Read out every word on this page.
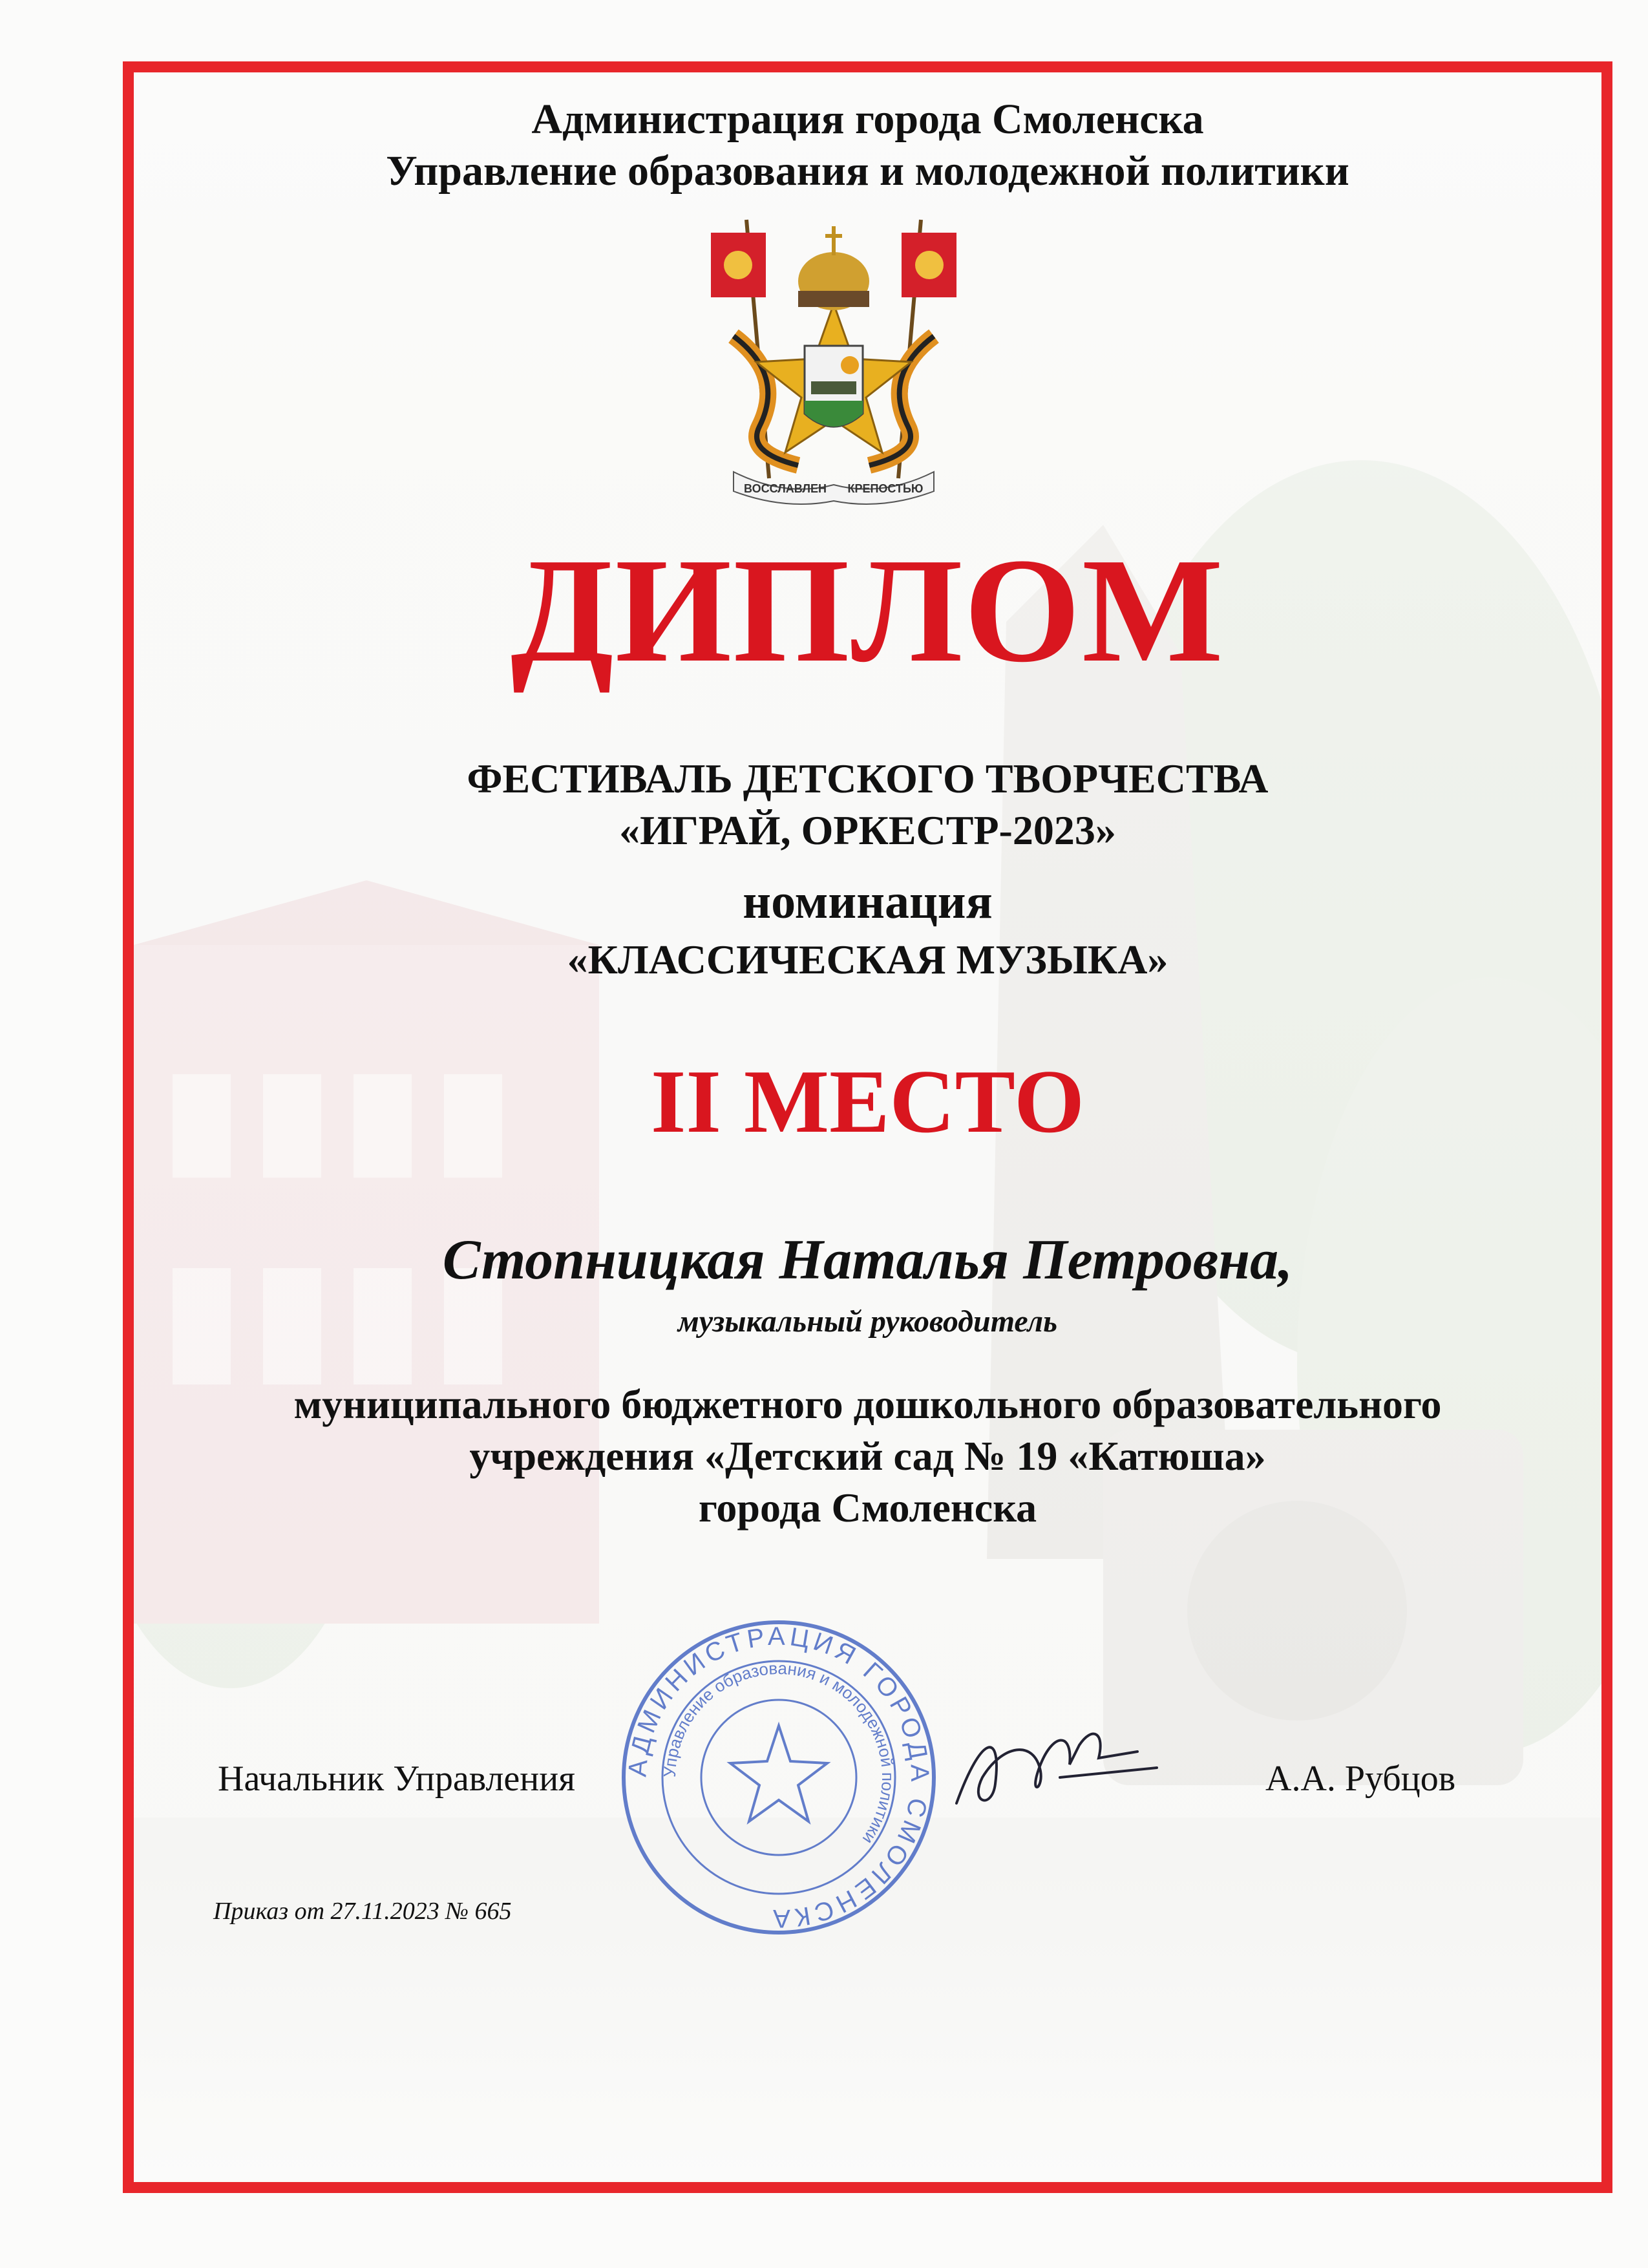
Администрация города Смоленска
Управление образования и молодежной политики
ВОССЛАВЛЕН КРЕПОСТЬЮ
ДИПЛОМ
ФЕСТИВАЛЬ ДЕТСКОГО ТВОРЧЕСТВА
«ИГРАЙ, ОРКЕСТР-2023»
номинация
«КЛАССИЧЕСКАЯ МУЗЫКА»
II МЕСТО
Стопницкая Наталья Петровна,
музыкальный руководитель
муниципального бюджетного дошкольного образовательного
учреждения «Детский сад № 19 «Катюша»
города Смоленска
АДМИНИСТРАЦИЯ ГОРОДА СМОЛЕНСКА
Управление образования и молодежной политики
Начальник Управления	А.А. Рубцов
Приказ от 27.11.2023 № 665
